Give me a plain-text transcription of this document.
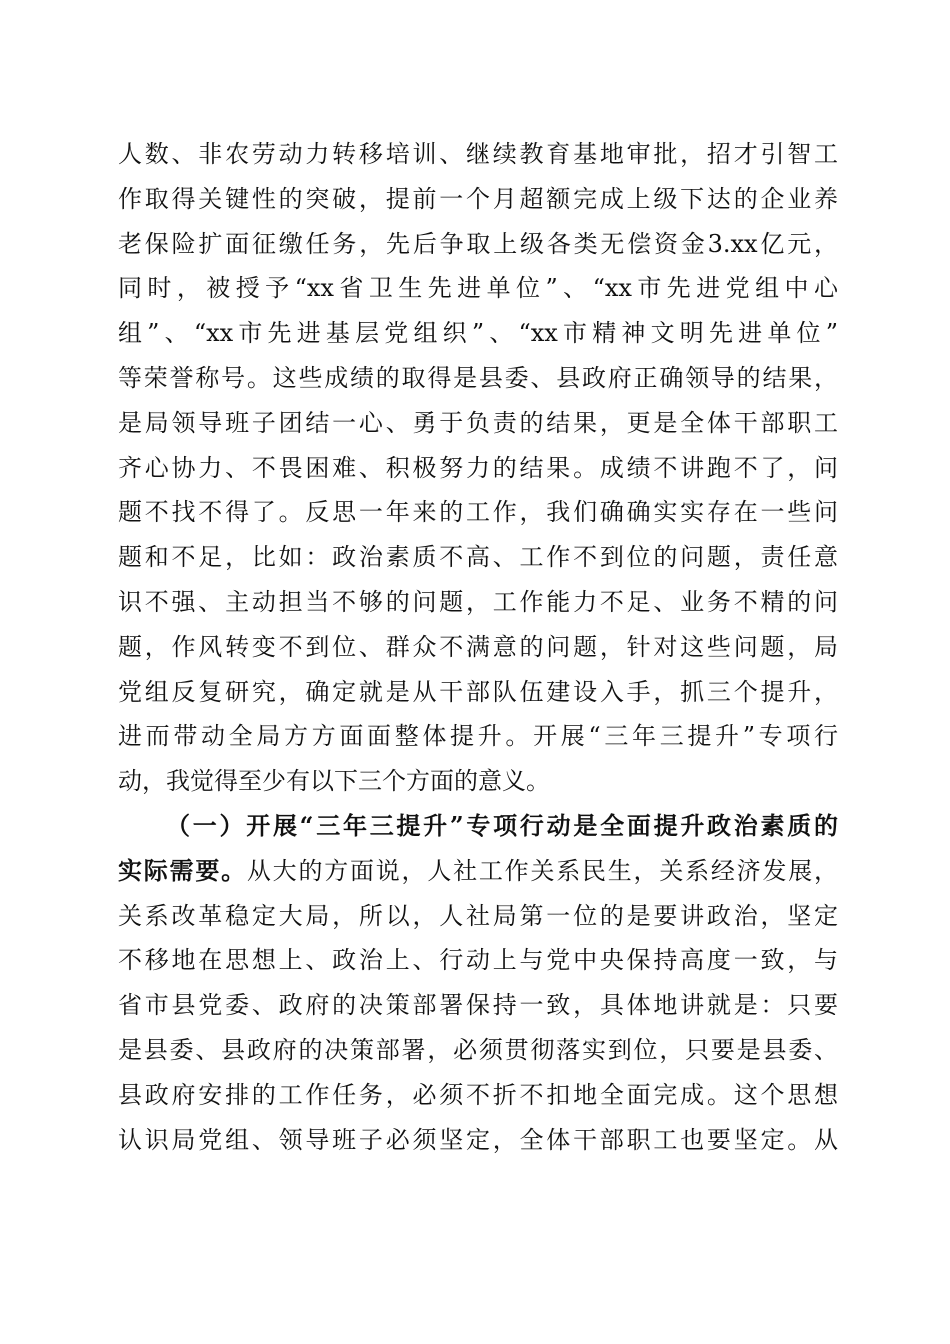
人数、非农劳动力转移培训、继续教育基地审批，招才引智工
作取得关键性的突破，提前一个月超额完成上级下达的企业养
老保险扩面征缴任务，先后争取上级各类无偿资金3.xx亿元，
同时，被授予“xx省卫生先进单位”、“xx市先进党组中心
组”、“xx市先进基层党组织”、“xx市精神文明先进单位”
等荣誉称号。这些成绩的取得是县委、县政府正确领导的结果，
是局领导班子团结一心、勇于负责的结果，更是全体干部职工
齐心协力、不畏困难、积极努力的结果。成绩不讲跑不了，问
题不找不得了。反思一年来的工作，我们确确实实存在一些问
题和不足，比如：政治素质不高、工作不到位的问题，责任意
识不强、主动担当不够的问题，工作能力不足、业务不精的问
题，作风转变不到位、群众不满意的问题，针对这些问题，局
党组反复研究，确定就是从干部队伍建设入手，抓三个提升，
进而带动全局方方面面整体提升。开展“三年三提升”专项行
动，我觉得至少有以下三个方面的意义。
（一）开展“三年三提升”专项行动是全面提升政治素质的
实际需要。从大的方面说，人社工作关系民生，关系经济发展，
关系改革稳定大局，所以，人社局第一位的是要讲政治，坚定
不移地在思想上、政治上、行动上与党中央保持高度一致，与
省市县党委、政府的决策部署保持一致，具体地讲就是：只要
是县委、县政府的决策部署，必须贯彻落实到位，只要是县委、
县政府安排的工作任务，必须不折不扣地全面完成。这个思想
认识局党组、领导班子必须坚定，全体干部职工也要坚定。从
